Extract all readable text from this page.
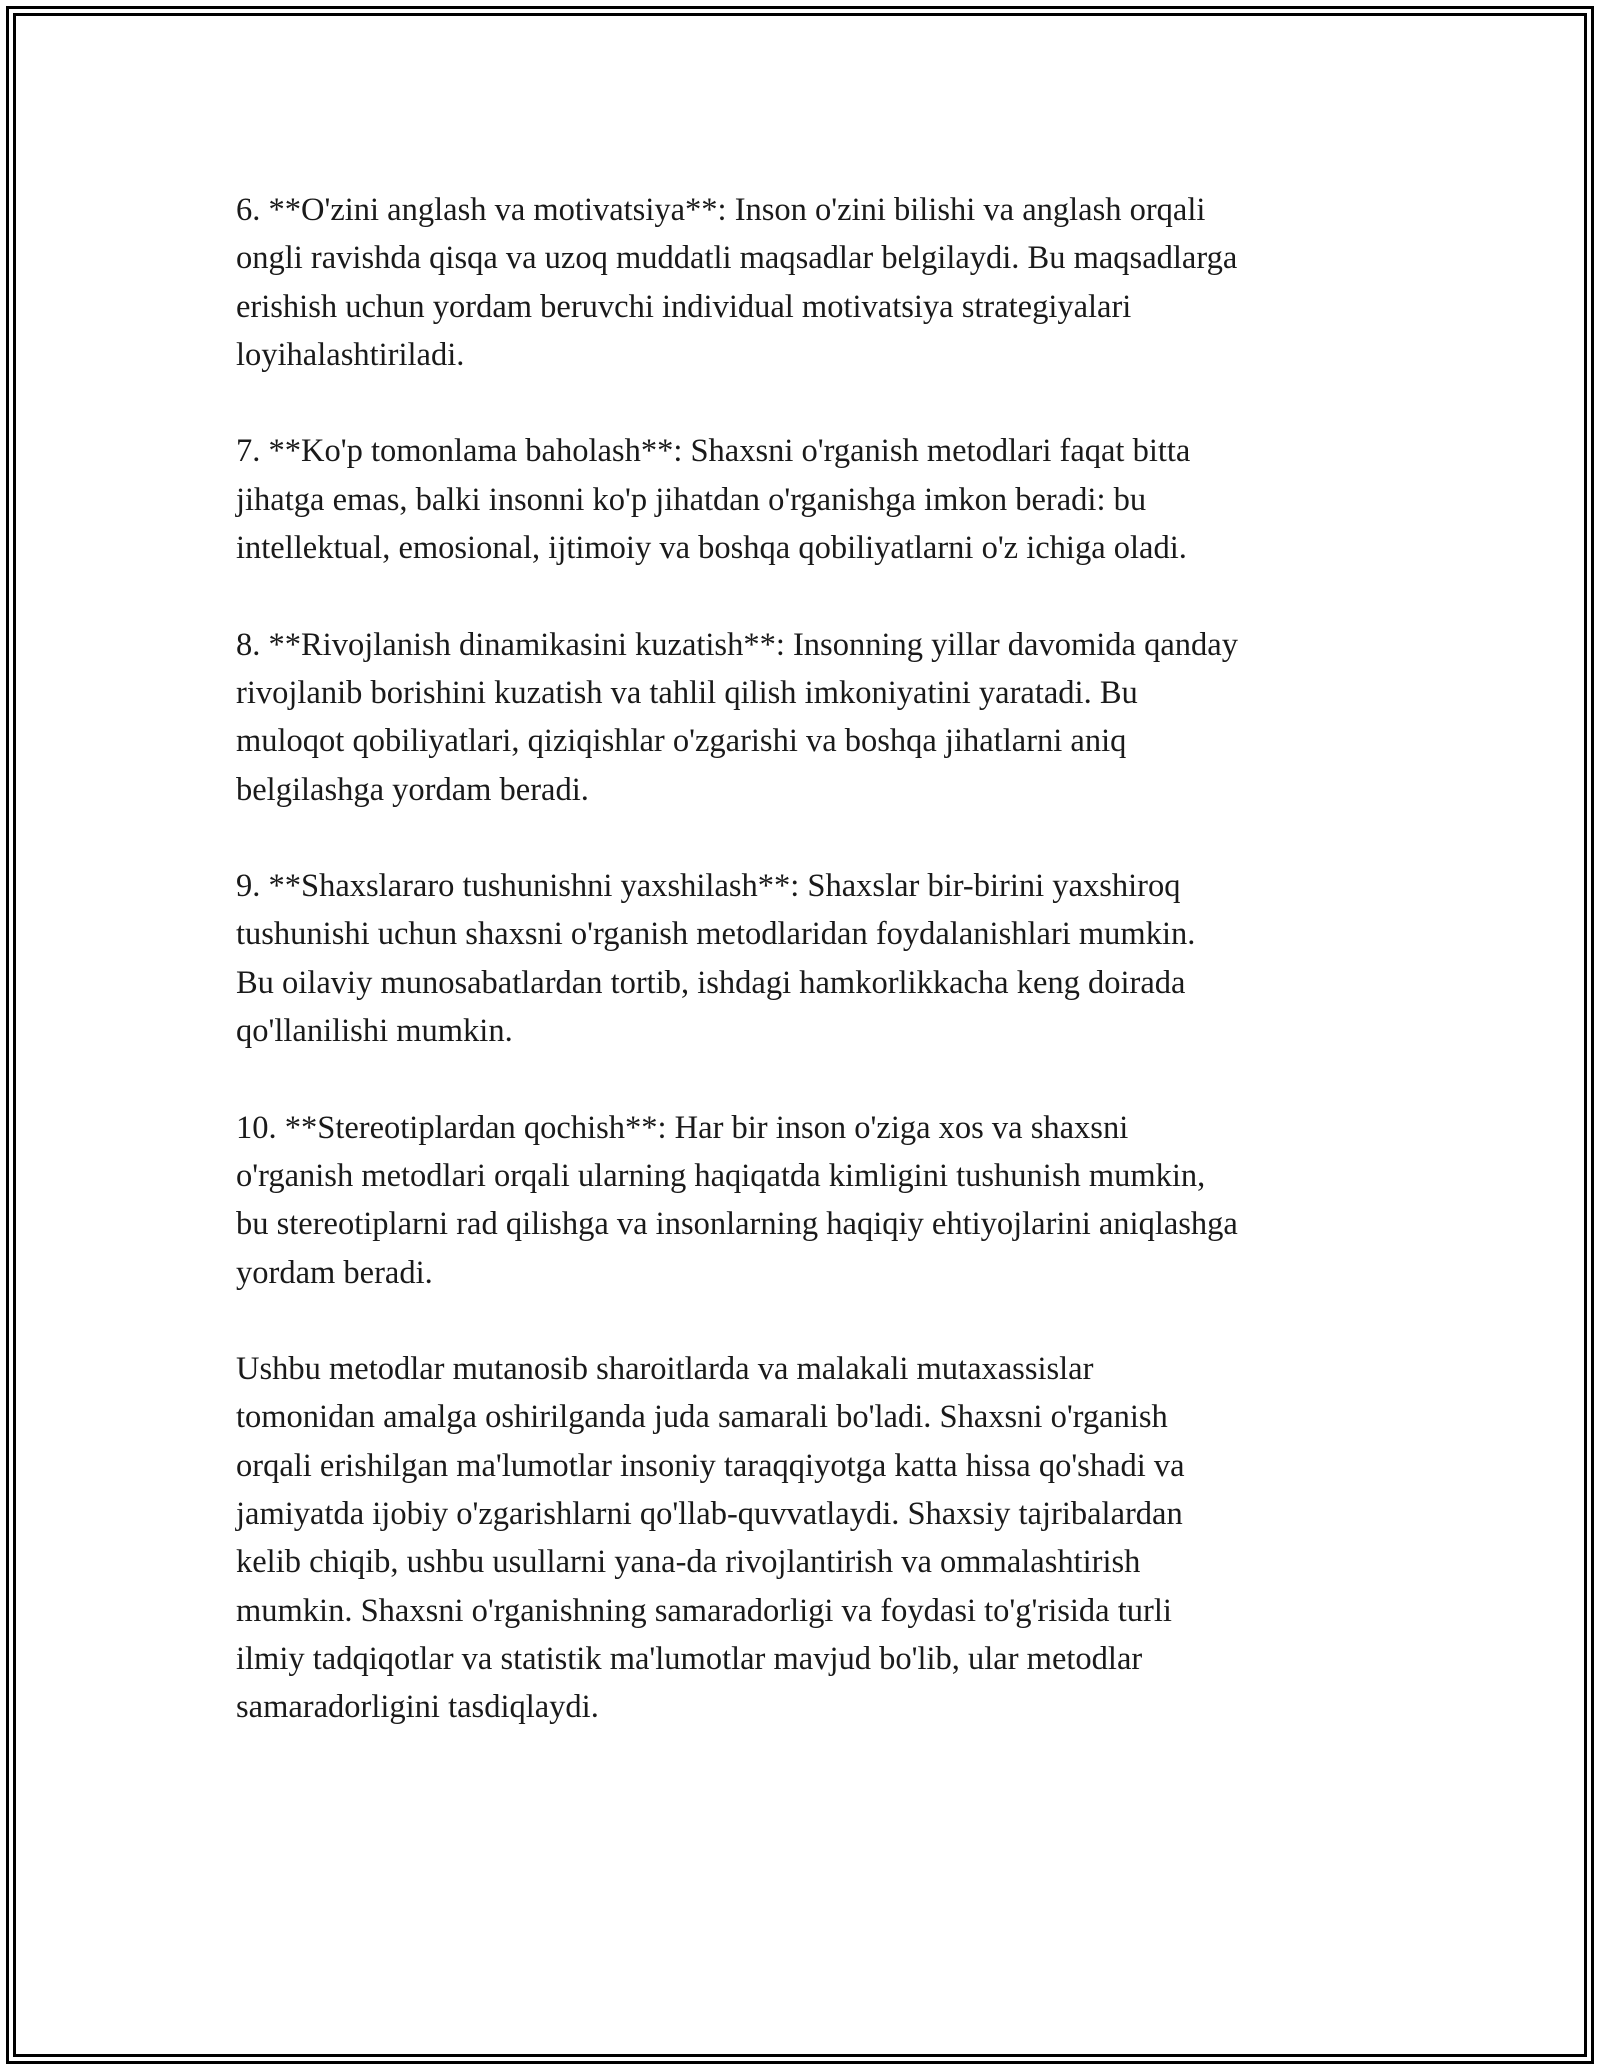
6. **O'zini anglash va motivatsiya**: Inson o'zini bilishi va anglash orqali
ongli ravishda qisqa va uzoq muddatli maqsadlar belgilaydi. Bu maqsadlarga
erishish uchun yordam beruvchi individual motivatsiya strategiyalari
loyihalashtiriladi.

7. **Ko'p tomonlama baholash**: Shaxsni o'rganish metodlari faqat bitta
jihatga emas, balki insonni ko'p jihatdan o'rganishga imkon beradi: bu
intellektual, emosional, ijtimoiy va boshqa qobiliyatlarni o'z ichiga oladi.

8. **Rivojlanish dinamikasini kuzatish**: Insonning yillar davomida qanday
rivojlanib borishini kuzatish va tahlil qilish imkoniyatini yaratadi. Bu
muloqot qobiliyatlari, qiziqishlar o'zgarishi va boshqa jihatlarni aniq
belgilashga yordam beradi.

9. **Shaxslararo tushunishni yaxshilash**: Shaxslar bir-birini yaxshiroq
tushunishi uchun shaxsni o'rganish metodlaridan foydalanishlari mumkin.
Bu oilaviy munosabatlardan tortib, ishdagi hamkorlikkacha keng doirada
qo'llanilishi mumkin.

10. **Stereotiplardan qochish**: Har bir inson o'ziga xos va shaxsni
o'rganish metodlari orqali ularning haqiqatda kimligini tushunish mumkin,
bu stereotiplarni rad qilishga va insonlarning haqiqiy ehtiyojlarini aniqlashga
yordam beradi.

Ushbu metodlar mutanosib sharoitlarda va malakali mutaxassislar
tomonidan amalga oshirilganda juda samarali bo'ladi. Shaxsni o'rganish
orqali erishilgan ma'lumotlar insoniy taraqqiyotga katta hissa qo'shadi va
jamiyatda ijobiy o'zgarishlarni qo'llab-quvvatlaydi. Shaxsiy tajribalardan
kelib chiqib, ushbu usullarni yana-da rivojlantirish va ommalashtirish
mumkin. Shaxsni o'rganishning samaradorligi va foydasi to'g'risida turli
ilmiy tadqiqotlar va statistik ma'lumotlar mavjud bo'lib, ular metodlar
samaradorligini tasdiqlaydi.
